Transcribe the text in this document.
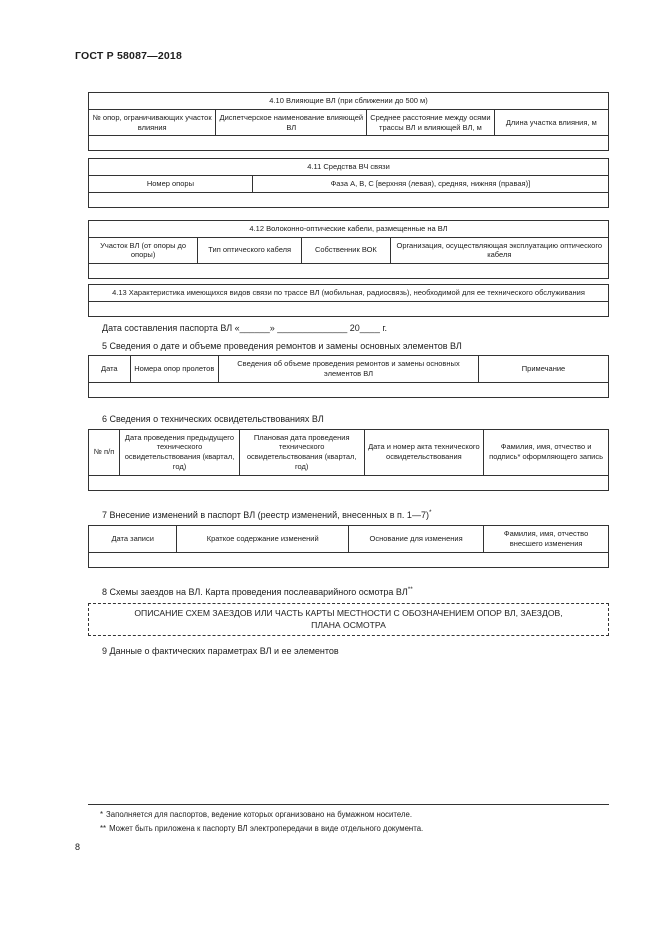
ГОСТ Р 58087—2018
4.10 Влияющие ВЛ (при сближении до 500 м)
№ опор, ограничивающих участок влияния	Диспетчерское наименование влияющей ВЛ	Среднее расстояние между осями трассы ВЛ и влияющей ВЛ, м	Длина участка влияния, м

4.11 Средства ВЧ связи
Номер опоры	Фаза А, В, С [верхняя (левая), средняя, нижняя (правая)]

4.12 Волоконно-оптические кабели, размещенные на ВЛ
Участок ВЛ (от опоры до опоры)	Тип оптического кабеля	Собственник ВОК	Организация, осуществляющая эксплуатацию оптического кабеля

4.13 Характеристика имеющихся видов связи по трассе ВЛ (мобильная, радиосвязь), необходимой для ее технического обслуживания

Дата составления паспорта ВЛ «______» ______________ 20____ г.
5 Сведения о дате и объеме проведения ремонтов и замены основных элементов ВЛ
Дата	Номера опор пролетов	Сведения об объеме проведения ремонтов и замены основных элементов ВЛ	Примечание

6 Сведения о технических освидетельствованиях ВЛ
№ п/п	Дата проведения предыдущего технического освидетельствования (квартал, год)	Плановая дата проведения технического освидетельствования (квартал, год)	Дата и номер акта технического освидетельствования	Фамилия, имя, отчество и подпись* оформляющего запись

7 Внесение изменений в паспорт ВЛ (реестр изменений, внесенных в п. 1—7)*
Дата записи	Краткое содержание изменений	Основание для изменения	Фамилия, имя, отчество внесшего изменения

8 Схемы заездов на ВЛ. Карта проведения послеаварийного осмотра ВЛ**
ОПИСАНИЕ СХЕМ ЗАЕЗДОВ ИЛИ ЧАСТЬ КАРТЫ МЕСТНОСТИ С ОБОЗНАЧЕНИЕМ ОПОР ВЛ, ЗАЕЗДОВ, ПЛАНА ОСМОТРА
9 Данные о фактических параметрах ВЛ и ее элементов
* Заполняется для паспортов, ведение которых организовано на бумажном носителе.
** Может быть приложена к паспорту ВЛ электропередачи в виде отдельного документа.
8
